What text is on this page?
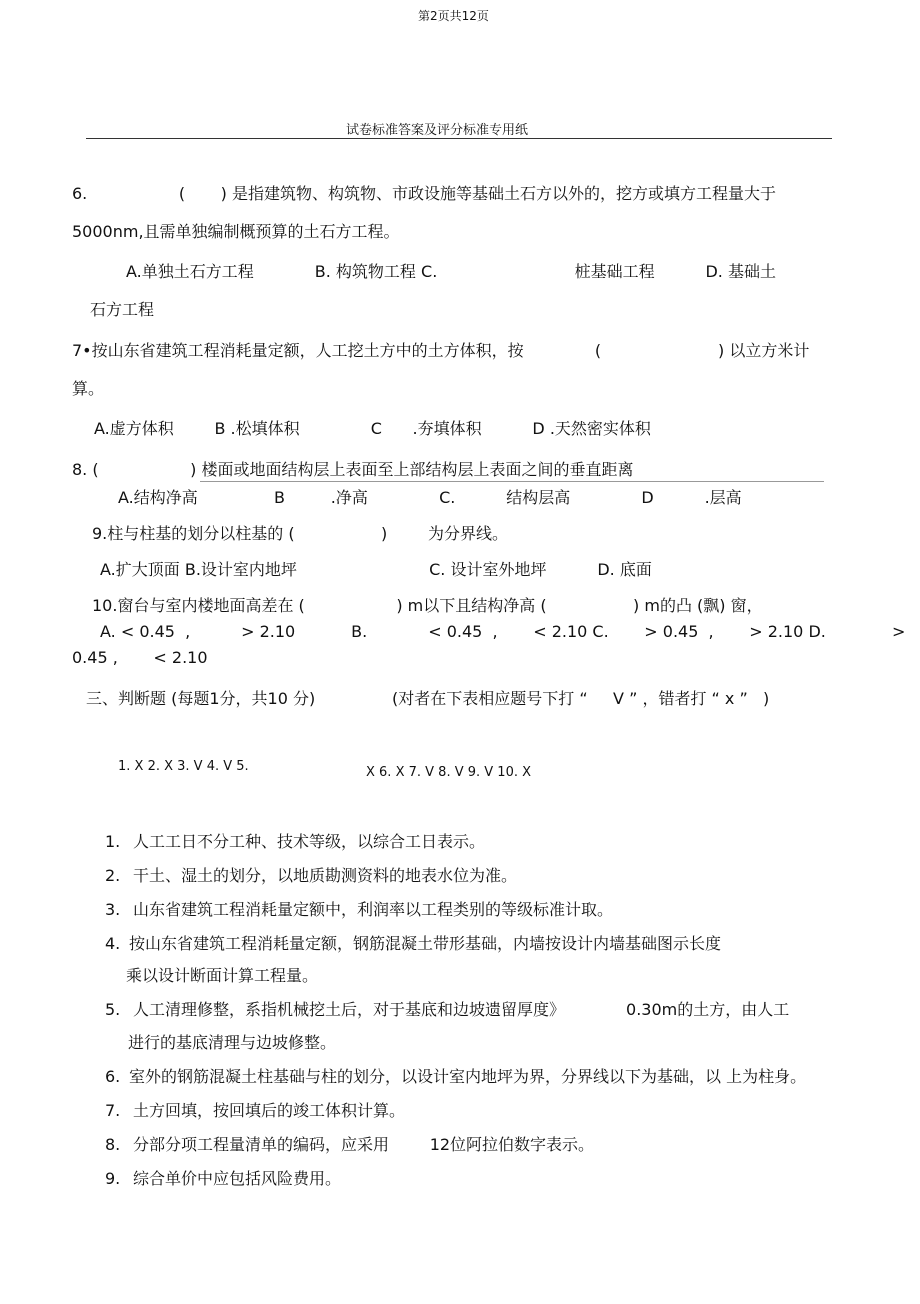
第2页共12页
试卷标准答案及评分标准专用纸
6.                  (       ) 是指建筑物、构筑物、市政设施等基础土石方以外的，挖方或填方工程量大于
5000nm,且需单独编制概预算的土石方工程。
A.单独土石方工程            B. 构筑物工程 C.                           桩基础工程          D. 基础土
石方工程
7•按山东省建筑工程消耗量定额，人工挖土方中的土方体积，按              (                       ) 以立方米计
算。
A.虚方体积        B .松填体积              C      .夯填体积          D .天然密实体积
8. (                  ) 楼面或地面结构层上表面至上部结构层上表面之间的垂直距离
A.结构净高               B         .净高              C.          结构层高              D          .层高
9.柱与柱基的划分以柱基的 (                 )        为分界线。
A.扩大顶面 B.设计室内地坪                          C. 设计室外地坪          D. 底面
10.窗台与室内楼地面高差在 (                  ) m以下且结构净高 (                 ) m的凸 (飘) 窗，
A. < 0.45  ,          > 2.10           B.            < 0.45  ,       < 2.10 C.       > 0.45  ,       > 2.10 D.             >
0.45 ,       < 2.10
三、判断题 (每题1分，共10 分)	(对者在下表相应题号下打 “     V ” ，错者打 “ x ”   )
1. X 2. X 3. V 4. V 5.	X 6. X 7. V 8. V 9. V 10. X
1. 人工工日不分工种、技术等级，以综合工日表示。
2. 干土、湿土的划分，以地质勘测资料的地表水位为准。
3. 山东省建筑工程消耗量定额中，利润率以工程类别的等级标准计取。
4. 按山东省建筑工程消耗量定额，钢筋混凝土带形基础，内墙按设计内墙基础图示长度
乘以设计断面计算工程量。
5. 人工清理修整，系指机械挖土后，对于基底和边坡遗留厚度》            0.30m的土方，由人工
进行的基底清理与边坡修整。
6. 室外的钢筋混凝土柱基础与柱的划分，以设计室内地坪为界，分界线以下为基础，以 上为柱身。
7. 土方回填，按回填后的竣工体积计算。
8. 分部分项工程量清单的编码，应采用        12位阿拉伯数字表示。
9. 综合单价中应包括风险费用。
